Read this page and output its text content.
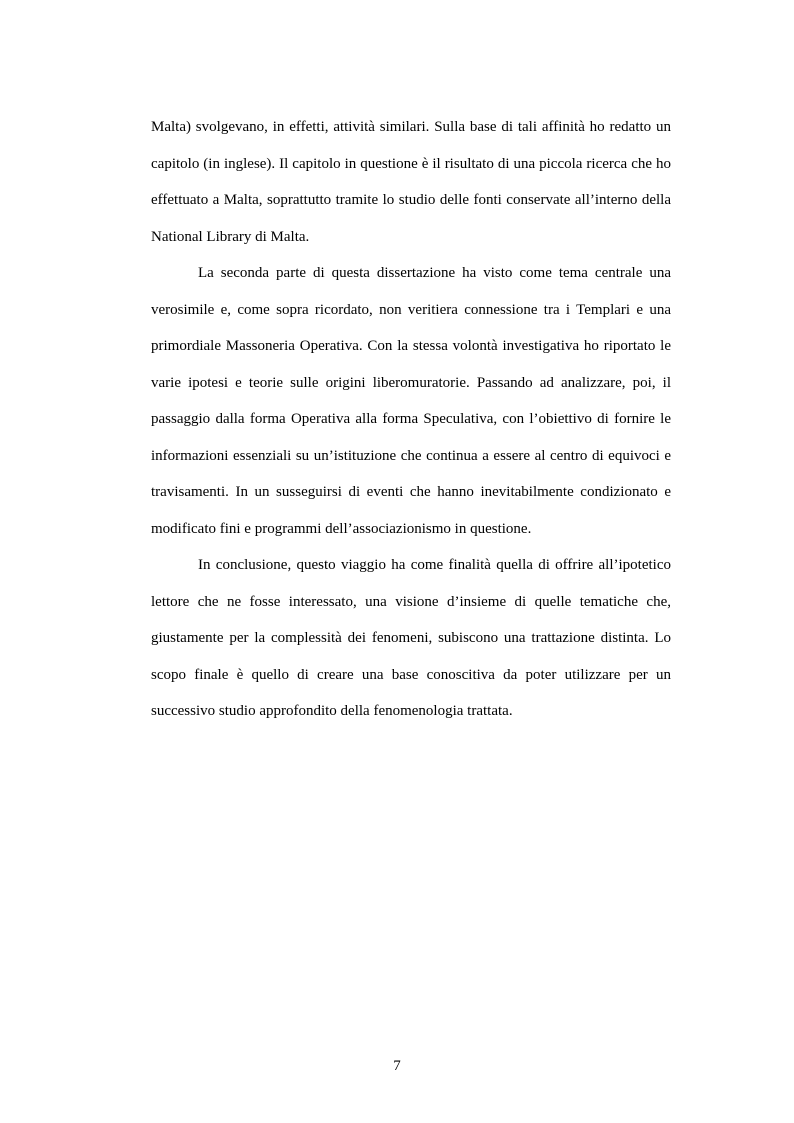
Malta) svolgevano, in effetti, attività similari. Sulla base di tali affinità ho redatto un capitolo (in inglese). Il capitolo in questione è il risultato di una piccola ricerca che ho effettuato a Malta, soprattutto tramite lo studio delle fonti conservate all’interno della National Library di Malta.

La seconda parte di questa dissertazione ha visto come tema centrale una verosimile e, come sopra ricordato, non veritiera connessione tra i Templari e una primordiale Massoneria Operativa. Con la stessa volontà investigativa ho riportato le varie ipotesi e teorie sulle origini liberomuratorie. Passando ad analizzare, poi, il passaggio dalla forma Operativa alla forma Speculativa, con l’obiettivo di fornire le informazioni essenziali su un’istituzione che continua a essere al centro di equivoci e travisamenti. In un susseguirsi di eventi che hanno inevitabilmente condizionato e modificato fini e programmi dell’associazionismo in questione.

In conclusione, questo viaggio ha come finalità quella di offrire all’ipotetico lettore che ne fosse interessato, una visione d’insieme di quelle tematiche che, giustamente per la complessità dei fenomeni, subiscono una trattazione distinta. Lo scopo finale è quello di creare una base conoscitiva da poter utilizzare per un successivo studio approfondito della fenomenologia trattata.

7
